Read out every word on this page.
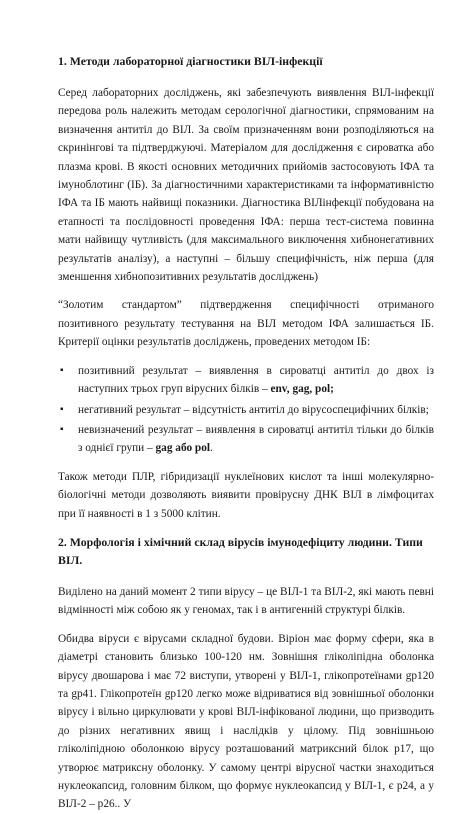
1. Методи лабораторної діагностики ВІЛ-інфекції

Серед лабораторних досліджень, які забезпечують виявлення ВІЛ-інфекції передова роль належить методам серологічної діагностики, спрямованим на визначення антитіл до ВІЛ. За своїм призначенням вони розподіляються на скринінгові та підтверджуючі. Матеріалом для дослідження є сироватка або плазма крові. В якості основних методичних прийомів застосовують ІФА та імуноблотинг (ІБ). За діагностичними характеристиками та інформативністю ІФА та ІБ мають найвищі показники. Діагностика ВІЛінфекції побудована на етапності та послідовності проведення ІФА: перша тест-система повинна мати найвищу чутливість (для максимального виключення хибнонегативних результатів аналізу), а наступні – більшу специфічність, ніж перша (для зменшення хибнопозитивних результатів досліджень)

“Золотим стандартом” підтвердження специфічності отриманого позитивного результату тестування на ВІЛ методом ІФА залишається ІБ. Критерії оцінки результатів досліджень, проведених методом ІБ:

▪ позитивний результат – виявлення в сироватці антитіл до двох із наступних трьох груп вірусних білків – env, gag, pol;
▪ негативний результат – відсутність антитіл до вірусоспецифічних білків;
▪ невизначений результат – виявлення в сироватці антитіл тільки до білків з однієї групи – gag або pol.

Також методи ПЛР, гібридизації нуклеїнових кислот та інші молекулярно-біологічні методи дозволяють виявити провірусну ДНК ВІЛ в лімфоцитах при її наявності в 1 з 5000 клітин.

2. Морфологія і хімічний склад вірусів імунодефіциту людини. Типи ВІЛ.

Виділено на даний момент 2 типи вірусу – це ВІЛ-1 та ВІЛ-2, які мають певні відмінності між собою як у геномах, так і в антигенній структурі білків.

Обидва віруси є вірусами складної будови. Віріон має форму сфери, яка в діаметрі становить близько 100-120 нм. Зовнішня гліколіпідна оболонка вірусу двошарова і має 72 виступи, утворені у ВІЛ-1, глікопротеїнами gp120 та gp41. Глікопротеїн gp120 легко може відриватися від зовнішньої оболонки вірусу і вільно циркулювати у крові ВІЛ-інфікованої людини, що призводить до різних негативних явищ і наслідків у цілому. Під зовнішньою гліколіпідною оболонкою вірусу розташований матриксний білок p17, що утворює матриксну оболонку. У самому центрі вірусної частки знаходиться нуклеокапсид, головним білком, що формує нуклеокапсид у ВІЛ-1, є p24, а у ВІЛ-2 – p26.. У
